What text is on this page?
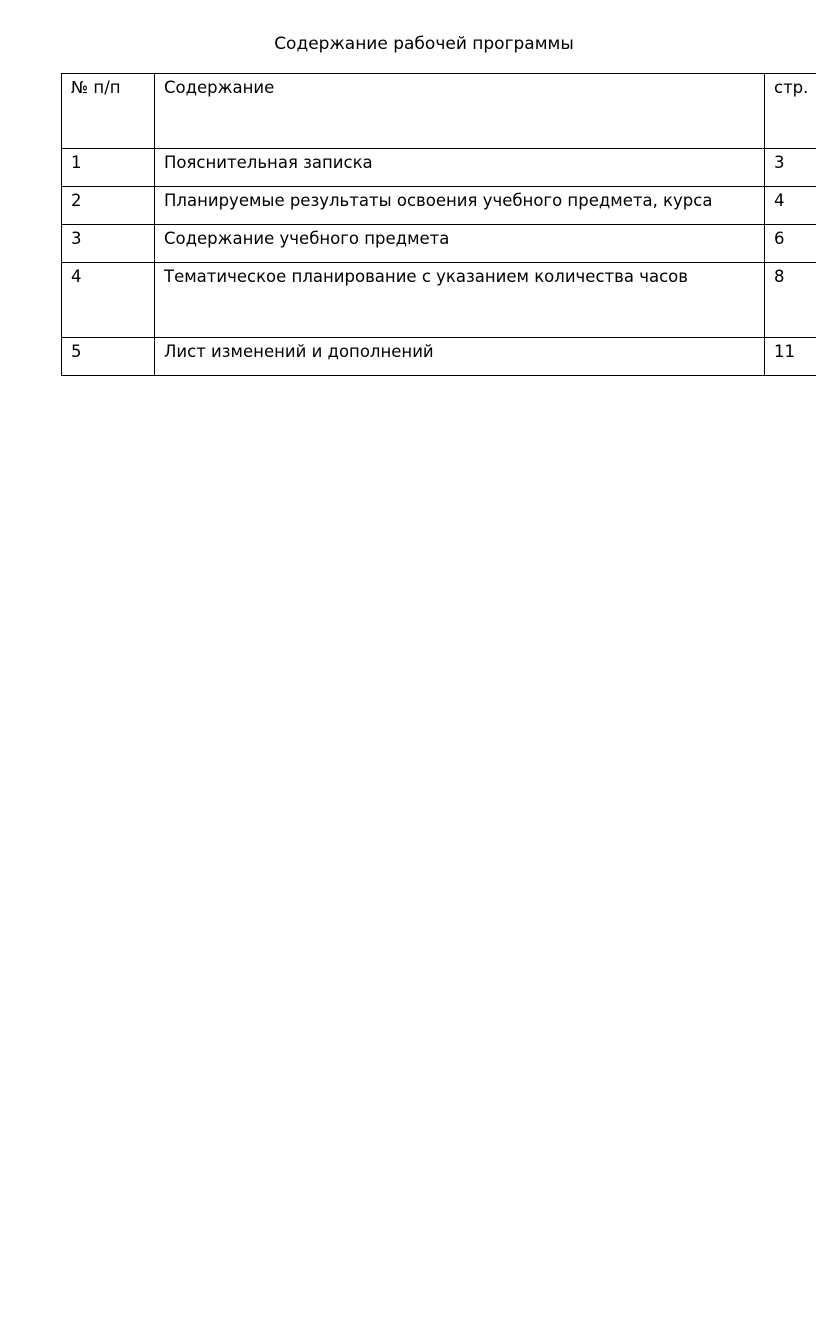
Содержание рабочей программы
№ п/п	Содержание	стр.
1	Пояснительная записка	3
2	Планируемые результаты освоения учебного предмета, курса	4
3	Содержание учебного предмета	6
4	Тематическое планирование с указанием количества часов	8
5	Лист изменений и дополнений	11
